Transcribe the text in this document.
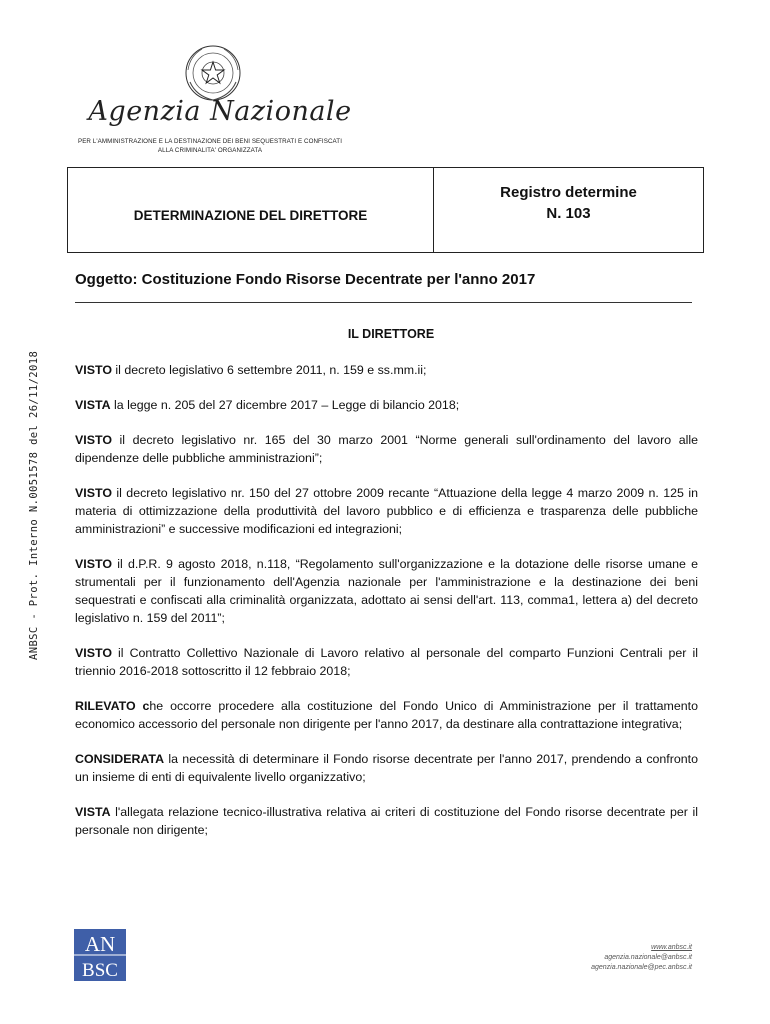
Agenzia Nazionale
PER L'AMMINISTRAZIONE E LA DESTINAZIONE DEI BENI SEQUESTRATI E CONFISCATI
ALLA CRIMINALITA' ORGANIZZATA
DETERMINAZIONE DEL DIRETTORE
Registro determine
N. 103
Oggetto: Costituzione Fondo Risorse Decentrate per l'anno 2017
IL DIRETTORE

VISTO il decreto legislativo 6 settembre 2011, n. 159 e ss.mm.ii;

VISTA la legge n. 205 del 27 dicembre 2017 – Legge di bilancio 2018;

VISTO il decreto legislativo nr. 165 del 30 marzo 2001 “Norme generali sull'ordinamento del lavoro alle dipendenze delle pubbliche amministrazioni”;

VISTO il decreto legislativo nr. 150 del 27 ottobre 2009 recante “Attuazione della legge 4 marzo 2009 n. 125 in materia di ottimizzazione della produttività del lavoro pubblico e di efficienza e trasparenza delle pubbliche amministrazioni” e successive modificazioni ed integrazioni;

VISTO il d.P.R. 9 agosto 2018, n.118, “Regolamento sull'organizzazione e la dotazione delle risorse umane e strumentali per il funzionamento dell'Agenzia nazionale per l'amministrazione e la destinazione dei beni sequestrati e confiscati alla criminalità organizzata, adottato ai sensi dell'art. 113, comma1, lettera a) del decreto legislativo n. 159 del 2011”;

VISTO il Contratto Collettivo Nazionale di Lavoro relativo al personale del comparto Funzioni Centrali per il triennio 2016-2018 sottoscritto il 12 febbraio 2018;

RILEVATO che occorre procedere alla costituzione del Fondo Unico di Amministrazione per il trattamento economico accessorio del personale non dirigente per l'anno 2017, da destinare alla contrattazione integrativa;

CONSIDERATA la necessità di determinare il Fondo risorse decentrate per l'anno 2017, prendendo a confronto un insieme di enti di equivalente livello organizzativo;

VISTA l'allegata relazione tecnico-illustrativa relativa ai criteri di costituzione del Fondo risorse decentrate per il personale non dirigente;

ANBSC - Prot. Interno N.0051578 del 26/11/2018
AN
BSC
www.anbsc.it
agenzia.nazionale@anbsc.it
agenzia.nazionale@pec.anbsc.it
